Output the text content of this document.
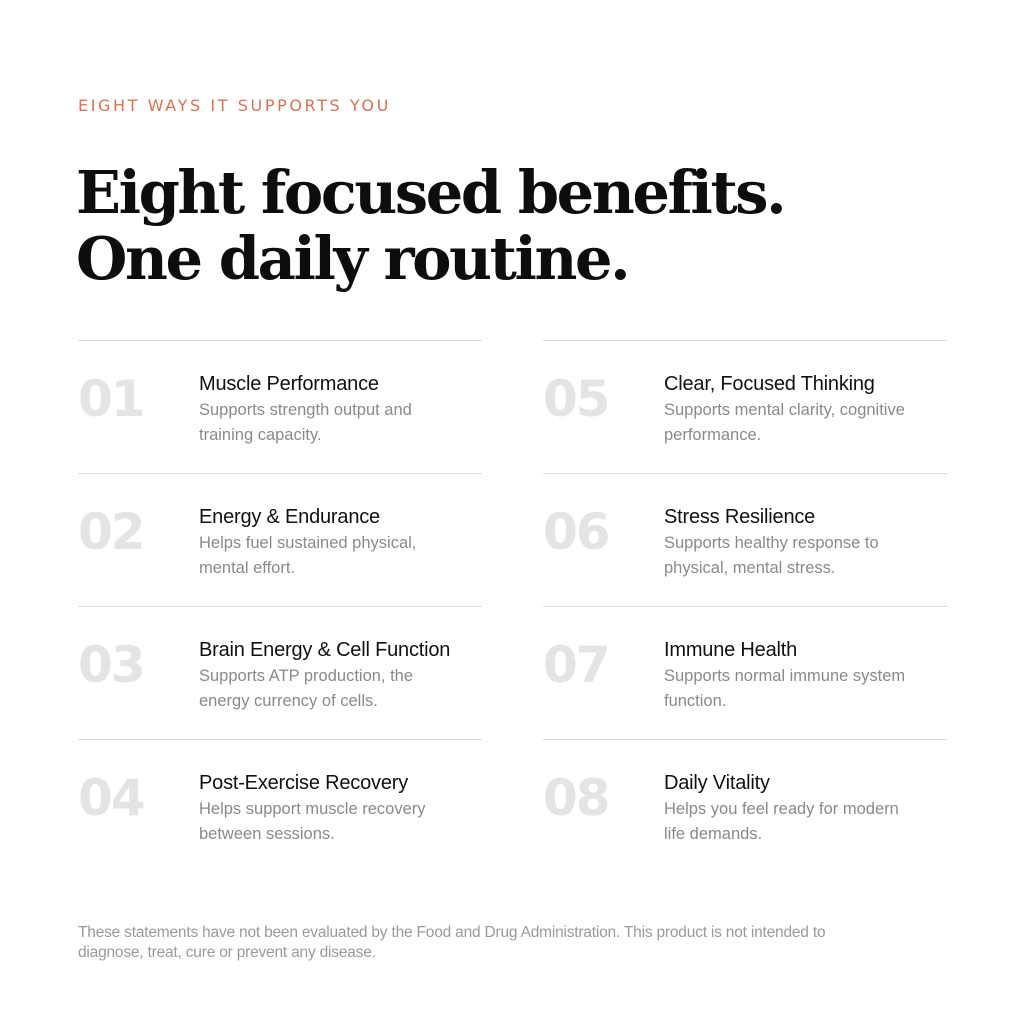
EIGHT WAYS IT SUPPORTS YOU
Eight focused benefits.
One daily routine.
01	Muscle Performance
Supports strength output and
training capacity.
02	Energy & Endurance
Helps fuel sustained physical,
mental effort.
03	Brain Energy & Cell Function
Supports ATP production, the
energy currency of cells.
04	Post-Exercise Recovery
Helps support muscle recovery
between sessions.
05	Clear, Focused Thinking
Supports mental clarity, cognitive
performance.
06	Stress Resilience
Supports healthy response to
physical, mental stress.
07	Immune Health
Supports normal immune system
function.
08	Daily Vitality
Helps you feel ready for modern
life demands.

These statements have not been evaluated by the Food and Drug Administration. This product is not intended to
diagnose, treat, cure or prevent any disease.
